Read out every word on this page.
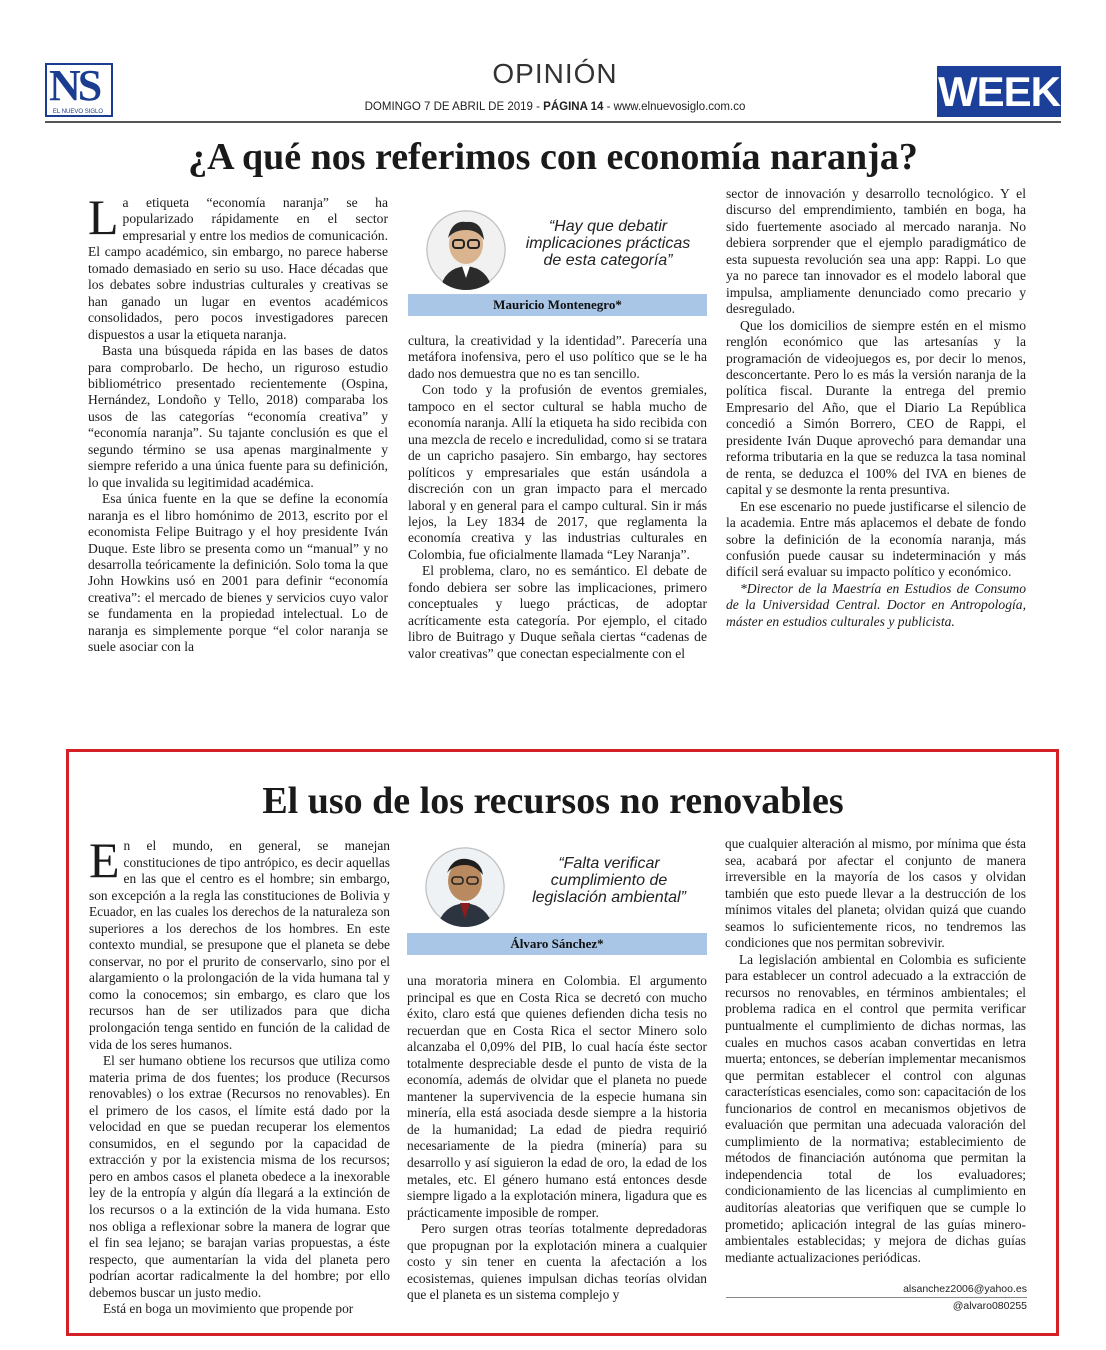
NS
EL NUEVO SIGLO
OPINIÓN
DOMINGO 7 DE ABRIL DE 2019 - PÁGINA 14 - www.elnuevosiglo.com.co	WEEK
¿A qué nos referimos con economía naranja?

La etiqueta “economía naranja” se ha popularizado rápidamente en el sector empresarial y entre los medios de comunicación. El campo académico, sin embargo, no parece haberse tomado demasiado en serio su uso. Hace décadas que los debates sobre industrias culturales y creativas se han ganado un lugar en eventos académicos consolidados, pero pocos investigadores parecen dispuestos a usar la etiqueta naranja.

Basta una búsqueda rápida en las bases de datos para comprobarlo. De hecho, un riguroso estudio bibliométrico presentado recientemente (Ospina, Hernández, Londoño y Tello, 2018) comparaba los usos de las categorías “economía creativa” y “economía naranja”. Su tajante conclusión es que el segundo término se usa apenas marginalmente y siempre referido a una única fuente para su definición, lo que invalida su legitimidad académica.

Esa única fuente en la que se define la economía naranja es el libro homónimo de 2013, escrito por el economista Felipe Buitrago y el hoy presidente Iván Duque. Este libro se presenta como un “manual” y no desarrolla teóricamente la definición. Solo toma la que John Howkins usó en 2001 para definir “economía creativa”: el mercado de bienes y servicios cuyo valor se fundamenta en la propiedad intelectual. Lo de naranja es simplemente porque “el color naranja se suele asociar con la

“Hay que debatir implicaciones prácticas de esta categoría”
Mauricio Montenegro*

cultura, la creatividad y la identidad”. Parecería una metáfora inofensiva, pero el uso político que se le ha dado nos demuestra que no es tan sencillo.

Con todo y la profusión de eventos gremiales, tampoco en el sector cultural se habla mucho de economía naranja. Allí la etiqueta ha sido recibida con una mezcla de recelo e incredulidad, como si se tratara de un capricho pasajero. Sin embargo, hay sectores políticos y empresariales que están usándola a discreción con un gran impacto para el mercado laboral y en general para el campo cultural. Sin ir más lejos, la Ley 1834 de 2017, que reglamenta la economía creativa y las industrias culturales en Colombia, fue oficialmente llamada “Ley Naranja”.

El problema, claro, no es semántico. El debate de fondo debiera ser sobre las implicaciones, primero conceptuales y luego prácticas, de adoptar acríticamente esta categoría. Por ejemplo, el citado libro de Buitrago y Duque señala ciertas “cadenas de valor creativas” que conectan especialmente con el

sector de innovación y desarrollo tecnológico. Y el discurso del emprendimiento, también en boga, ha sido fuertemente asociado al mercado naranja. No debiera sorprender que el ejemplo paradigmático de esta supuesta revolución sea una app: Rappi. Lo que ya no parece tan innovador es el modelo laboral que impulsa, ampliamente denunciado como precario y desregulado.

Que los domicilios de siempre estén en el mismo renglón económico que las artesanías y la programación de videojuegos es, por decir lo menos, desconcertante. Pero lo es más la versión naranja de la política fiscal. Durante la entrega del premio Empresario del Año, que el Diario La República concedió a Simón Borrero, CEO de Rappi, el presidente Iván Duque aprovechó para demandar una reforma tributaria en la que se reduzca la tasa nominal de renta, se deduzca el 100% del IVA en bienes de capital y se desmonte la renta presuntiva.

En ese escenario no puede justificarse el silencio de la academia. Entre más aplacemos el debate de fondo sobre la definición de la economía naranja, más confusión puede causar su indeterminación y más difícil será evaluar su impacto político y económico.

*Director de la Maestría en Estudios de Consumo de la Universidad Central. Doctor en Antropología, máster en estudios culturales y publicista.

El uso de los recursos no renovables

En el mundo, en general, se manejan constituciones de tipo antrópico, es decir aquellas en las que el centro es el hombre; sin embargo, son excepción a la regla las constituciones de Bolivia y Ecuador, en las cuales los derechos de la naturaleza son superiores a los derechos de los hombres. En este contexto mundial, se presupone que el planeta se debe conservar, no por el prurito de conservarlo, sino por el alargamiento o la prolongación de la vida humana tal y como la conocemos; sin embargo, es claro que los recursos han de ser utilizados para que dicha prolongación tenga sentido en función de la calidad de vida de los seres humanos.

El ser humano obtiene los recursos que utiliza como materia prima de dos fuentes; los produce (Recursos renovables) o los extrae (Recursos no renovables). En el primero de los casos, el límite está dado por la velocidad en que se puedan recuperar los elementos consumidos, en el segundo por la capacidad de extracción y por la existencia misma de los recursos; pero en ambos casos el planeta obedece a la inexorable ley de la entropía y algún día llegará a la extinción de los recursos o a la extinción de la vida humana. Esto nos obliga a reflexionar sobre la manera de lograr que el fin sea lejano; se barajan varias propuestas, a éste respecto, que aumentarían la vida del planeta pero podrían acortar radicalmente la del hombre; por ello debemos buscar un justo medio.

Está en boga un movimiento que propende por

“Falta verificar cumplimiento de legislación ambiental”
Álvaro Sánchez*

una moratoria minera en Colombia. El argumento principal es que en Costa Rica se decretó con mucho éxito, claro está que quienes defienden dicha tesis no recuerdan que en Costa Rica el sector Minero solo alcanzaba el 0,09% del PIB, lo cual hacía éste sector totalmente despreciable desde el punto de vista de la economía, además de olvidar que el planeta no puede mantener la supervivencia de la especie humana sin minería, ella está asociada desde siempre a la historia de la humanidad; La edad de piedra requirió necesariamente de la piedra (minería) para su desarrollo y así siguieron la edad de oro, la edad de los metales, etc. El género humano está entonces desde siempre ligado a la explotación minera, ligadura que es prácticamente imposible de romper.

Pero surgen otras teorías totalmente depredadoras que propugnan por la explotación minera a cualquier costo y sin tener en cuenta la afectación a los ecosistemas, quienes impulsan dichas teorías olvidan que el planeta es un sistema complejo y

que cualquier alteración al mismo, por mínima que ésta sea, acabará por afectar el conjunto de manera irreversible en la mayoría de los casos y olvidan también que esto puede llevar a la destrucción de los mínimos vitales del planeta; olvidan quizá que cuando seamos lo suficientemente ricos, no tendremos las condiciones que nos permitan sobrevivir.

La legislación ambiental en Colombia es suficiente para establecer un control adecuado a la extracción de recursos no renovables, en términos ambientales; el problema radica en el control que permita verificar puntualmente el cumplimiento de dichas normas, las cuales en muchos casos acaban convertidas en letra muerta; entonces, se deberían implementar mecanismos que permitan establecer el control con algunas características esenciales, como son: capacitación de los funcionarios de control en mecanismos objetivos de evaluación que permitan una adecuada valoración del cumplimiento de la normativa; establecimiento de métodos de financiación autónoma que permitan la independencia total de los evaluadores; condicionamiento de las licencias al cumplimiento en auditorías aleatorias que verifiquen que se cumple lo prometido; aplicación integral de las guías minero-ambientales establecidas; y mejora de dichas guías mediante actualizaciones periódicas.

alsanchez2006@yahoo.es
@alvaro080255
